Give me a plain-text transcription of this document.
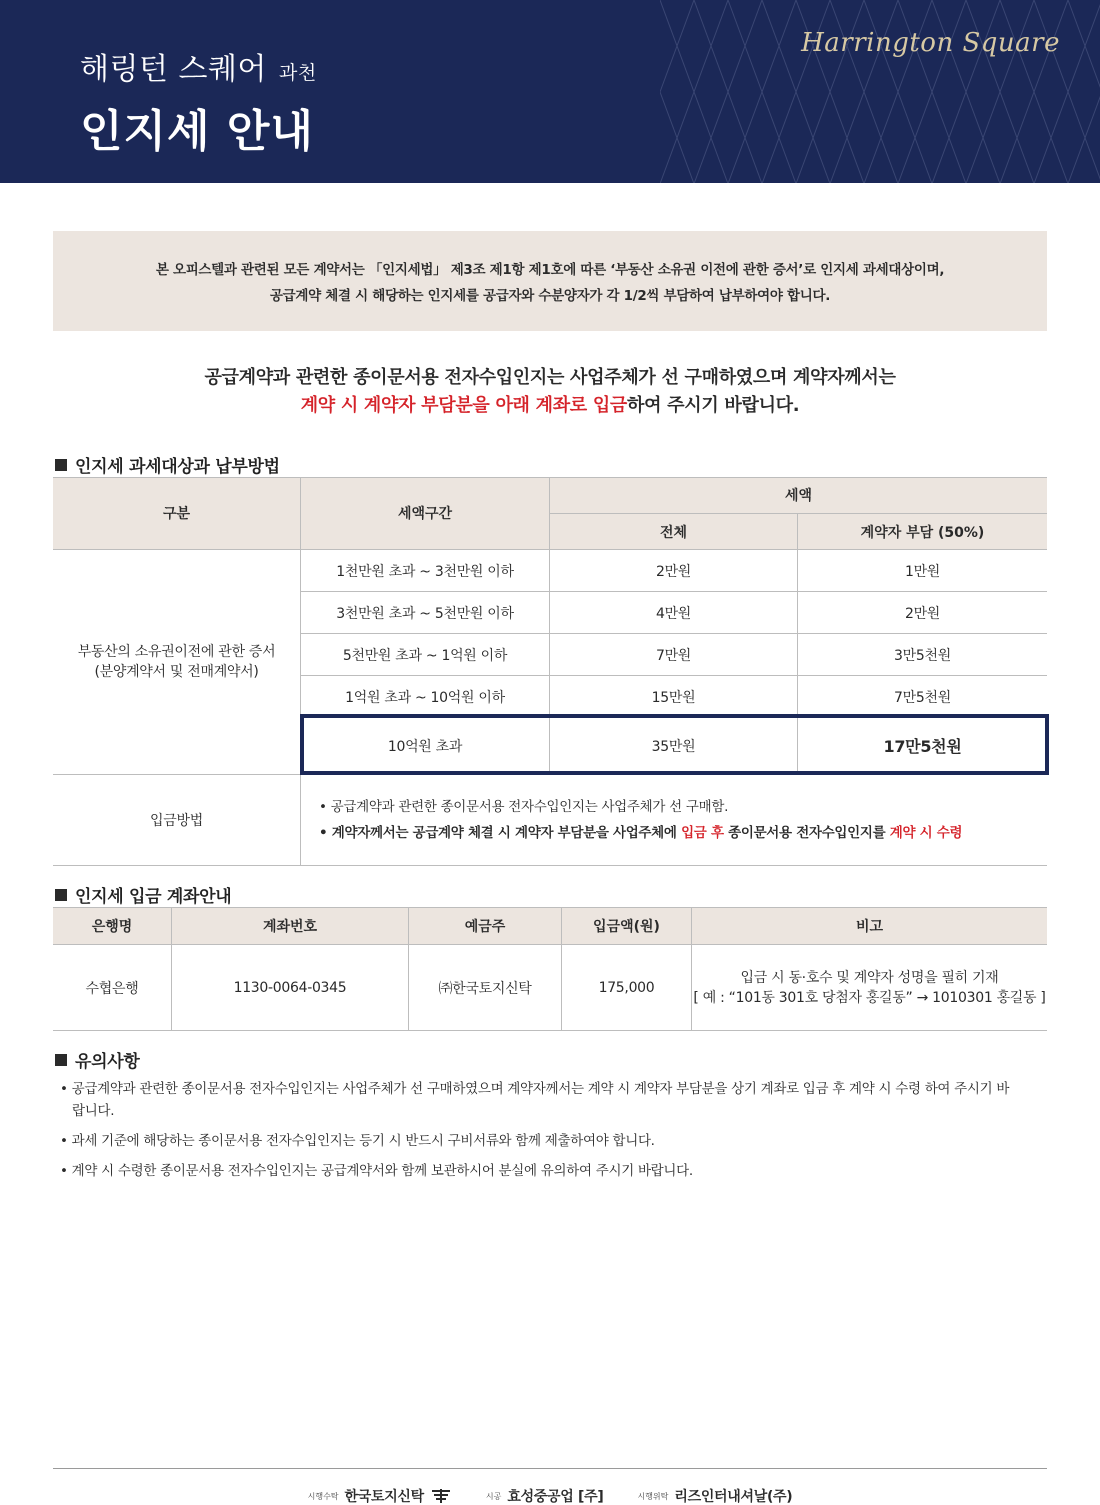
해링턴 스퀘어 과천
인지세 안내
Harrington Square

본 오피스텔과 관련된 모든 계약서는 「인지세법」 제3조 제1항 제1호에 따른 ‘부동산 소유권 이전에 관한 증서’로 인지세 과세대상이며,

공급계약 체결 시 해당하는 인지세를 공급자와 수분양자가 각 1/2씩 부담하여 납부하여야 합니다.

공급계약과 관련한 종이문서용 전자수입인지는 사업주체가 선 구매하였으며 계약자께서는

계약 시 계약자 부담분을 아래 계좌로 입금하여 주시기 바랍니다.

인지세 과세대상과 납부방법
구분	세액구간
세액
전체	계약자 부담 (50%)
부동산의 소유권이전에 관한 증서
(분양계약서 및 전매계약서)
1천만원 초과 ~ 3천만원 이하	2만원	1만원
3천만원 초과 ~ 5천만원 이하	4만원	2만원
5천만원 초과 ~ 1억원 이하	7만원	3만5천원
1억원 초과 ~ 10억원 이하	15만원	7만5천원
10억원 초과	35만원	17만5천원
입금방법
• 공급계약과 관련한 종이문서용 전자수입인지는 사업주체가 선 구매함.
• 계약자께서는 공급계약 체결 시 계약자 부담분을 사업주체에 입금 후 종이문서용 전자수입인지를 계약 시 수령
인지세 입금 계좌안내
은행명	계좌번호	예금주	입금액(원)	비고
수협은행	1130-0064-0345	㈜한국토지신탁	175,000
입금 시 동·호수 및 계약자 성명을 필히 기재
[ 예 : “101동 301호 당첨자 홍길동” → 1010301 홍길동 ]
유의사항
• 공급계약과 관련한 종이문서용 전자수입인지는 사업주체가 선 구매하였으며 계약자께서는 계약 시 계약자 부담분을 상기 계좌로 입금 후 계약 시 수령 하여 주시기 바랍니다.
• 과세 기준에 해당하는 종이문서용 전자수입인지는 등기 시 반드시 구비서류와 함께 제출하여야 합니다.
• 계약 시 수령한 종이문서용 전자수입인지는 공급계약서와 함께 보관하시어 분실에 유의하여 주시기 바랍니다.
시행수탁 한국토지신탁	시공 효성중공업 [주]	시행위탁 리즈인터내셔날(주)
